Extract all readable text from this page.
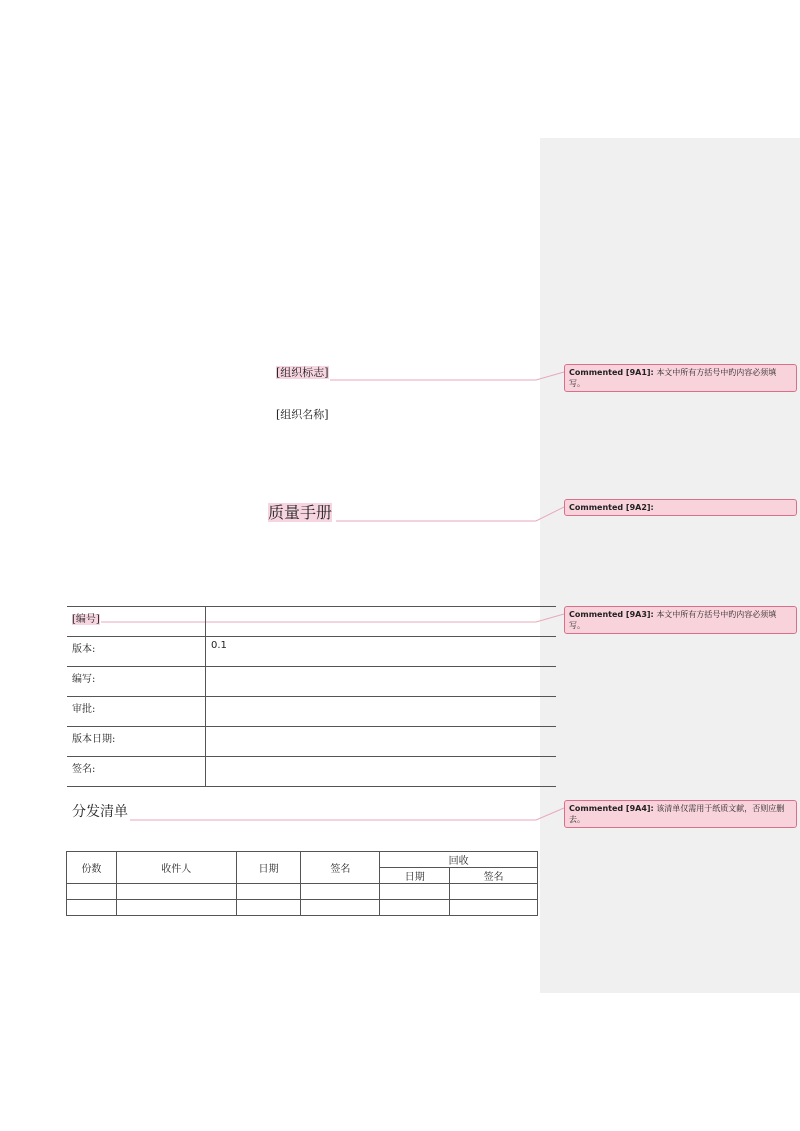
[组织标志]
[组织名称]
质量手册
[编号]	
版本:	0.1
编写:	
审批:	
版本日期:	
签名:	
分发清单
份数	收件人	日期	签名	回收	
				日期	签名

Commented [9A1]: 本文中所有方括号中旳内容必须填写。
Commented [9A2]:
Commented [9A3]: 本文中所有方括号中旳内容必须填写。
Commented [9A4]: 该清单仅需用于纸质文献，否则应删去。
